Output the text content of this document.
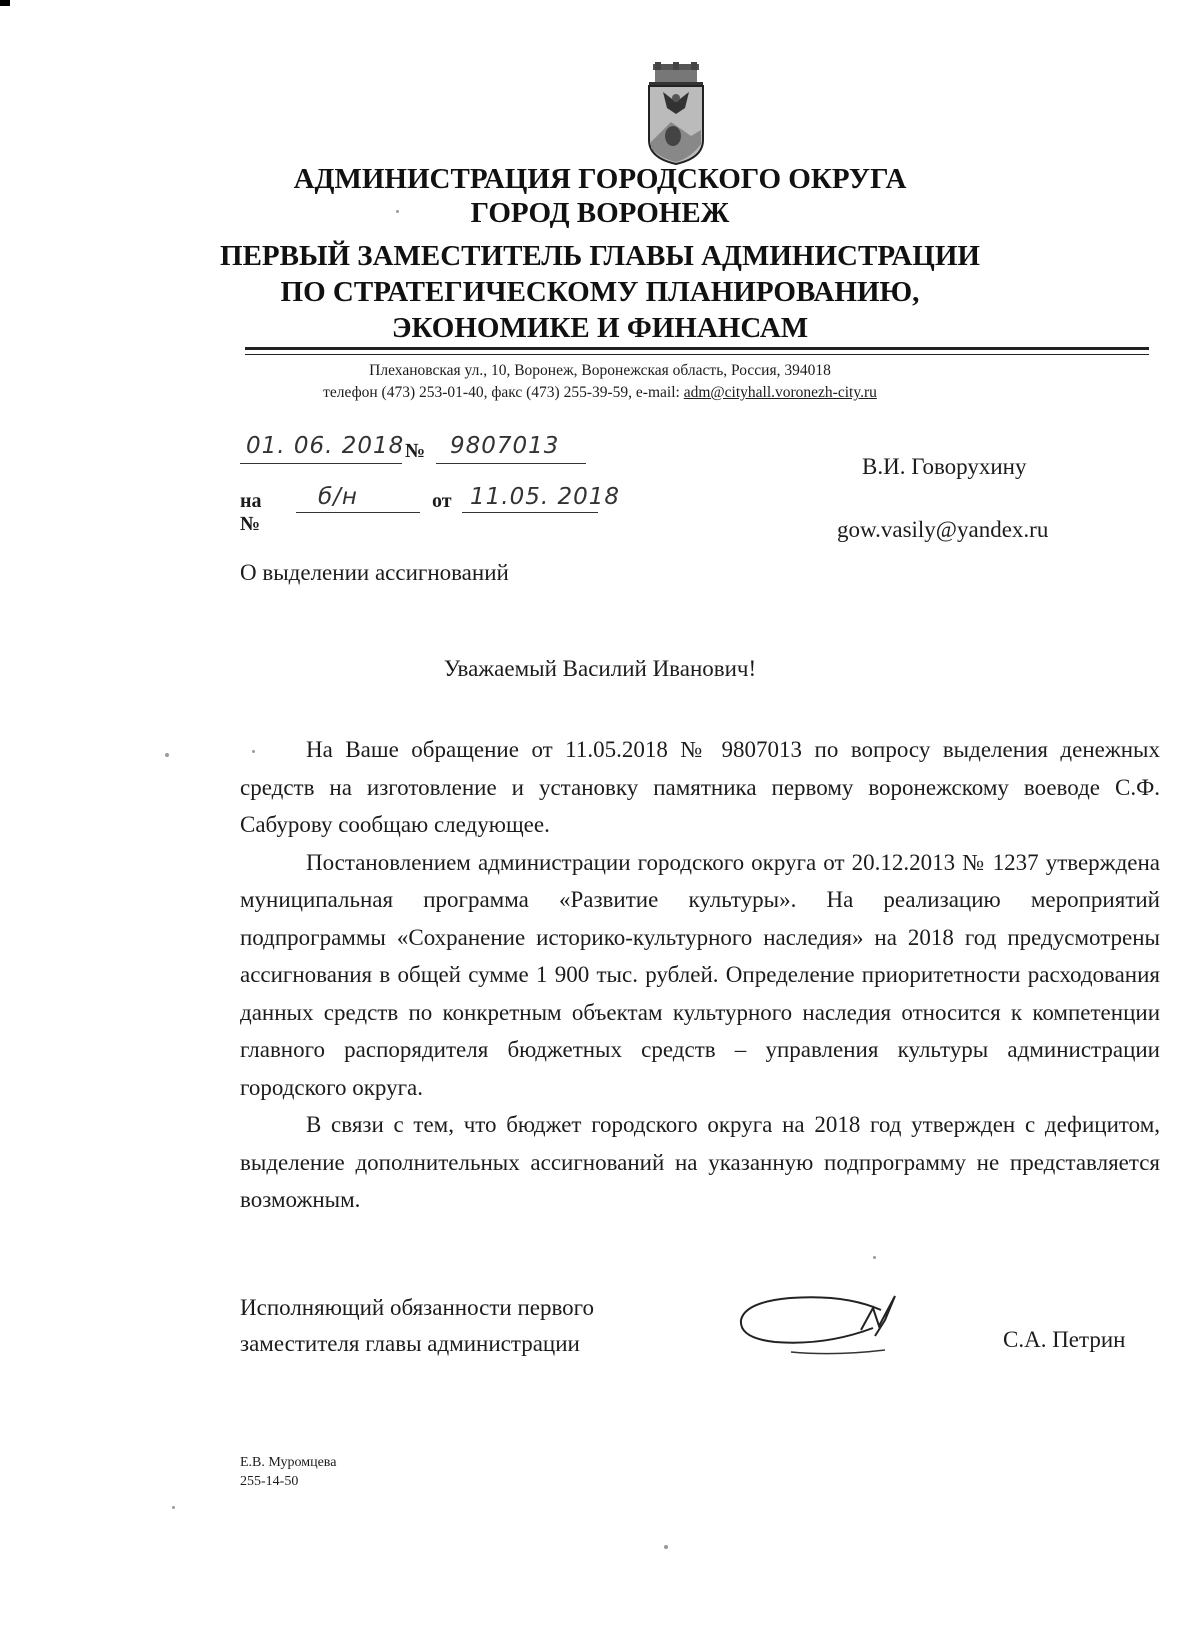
АДМИНИСТРАЦИЯ ГОРОДСКОГО ОКРУГА
ГОРОД ВОРОНЕЖ
ПЕРВЫЙ ЗАМЕСТИТЕЛЬ ГЛАВЫ АДМИНИСТРАЦИИ
ПО СТРАТЕГИЧЕСКОМУ ПЛАНИРОВАНИЮ,
ЭКОНОМИКЕ И ФИНАНСАМ
Плехановская ул., 10, Воронеж, Воронежская область, Россия, 394018
телефон (473) 253-01-40, факс (473) 255-39-59, e-mail: adm@cityhall.voronezh-city.ru
01. 06. 2018 № 9807013
на №
б/н	от 11.05. 2018
В.И. Говорухину
gow.vasily@yandex.ru
О выделении ассигнований
Уважаемый Василий Иванович!

На Ваше обращение от 11.05.2018 № 9807013 по вопросу выделения денежных средств на изготовление и установку памятника первому воронежскому воеводе С.Ф. Сабурову сообщаю следующее.

Постановлением администрации городского округа от 20.12.2013 № 1237 утверждена муниципальная программа «Развитие культуры». На реализацию мероприятий подпрограммы «Сохранение историко-культурного наследия» на 2018 год предусмотрены ассигнования в общей сумме 1 900 тыс. рублей. Определение приоритетности расходования данных средств по конкретным объектам культурного наследия относится к компетенции главного распорядителя бюджетных средств – управления культуры администрации городского округа.

В связи с тем, что бюджет городского округа на 2018 год утвержден с дефицитом, выделение дополнительных ассигнований на указанную подпрограмму не представляется возможным.

Исполняющий обязанности первого
заместителя главы администрации	С.А. Петрин
Е.В. Муромцева
255-14-50
